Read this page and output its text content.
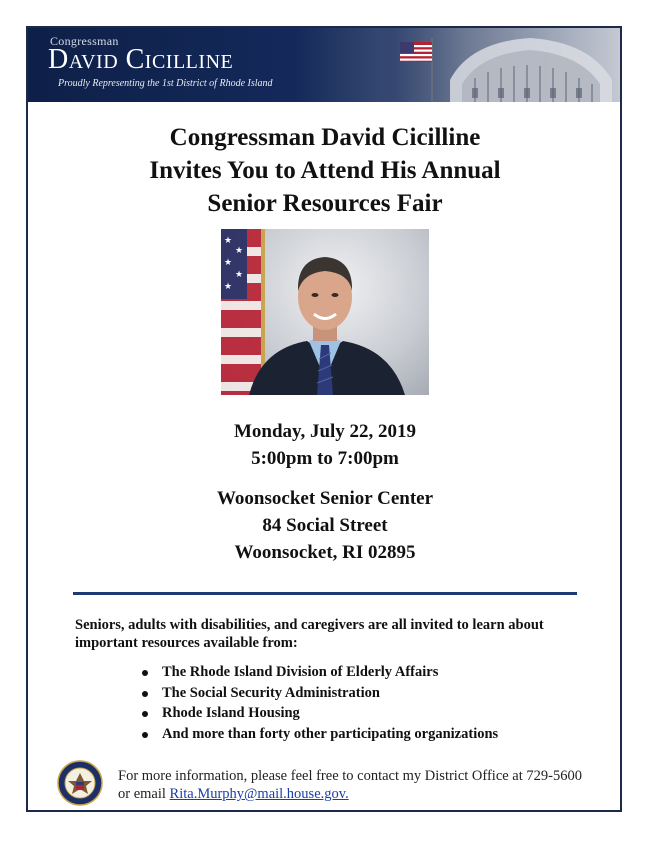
Congressman
David Cicilline
Proudly Representing the 1st District of Rhode Island
Congressman David Cicilline
Invites You to Attend His Annual
Senior Resources Fair
★
★
★
★
★
Monday, July 22, 2019
5:00pm to 7:00pm
Woonsocket Senior Center
84 Social Street
Woonsocket, RI 02895
Seniors, adults with disabilities, and caregivers are all invited to learn about important resources available from:
The Rhode Island Division of Elderly Affairs
The Social Security Administration
Rhode Island Housing
And more than forty other participating organizations
For more information, please feel free to contact my District Office at 729-5600
or email Rita.Murphy@mail.house.gov.
